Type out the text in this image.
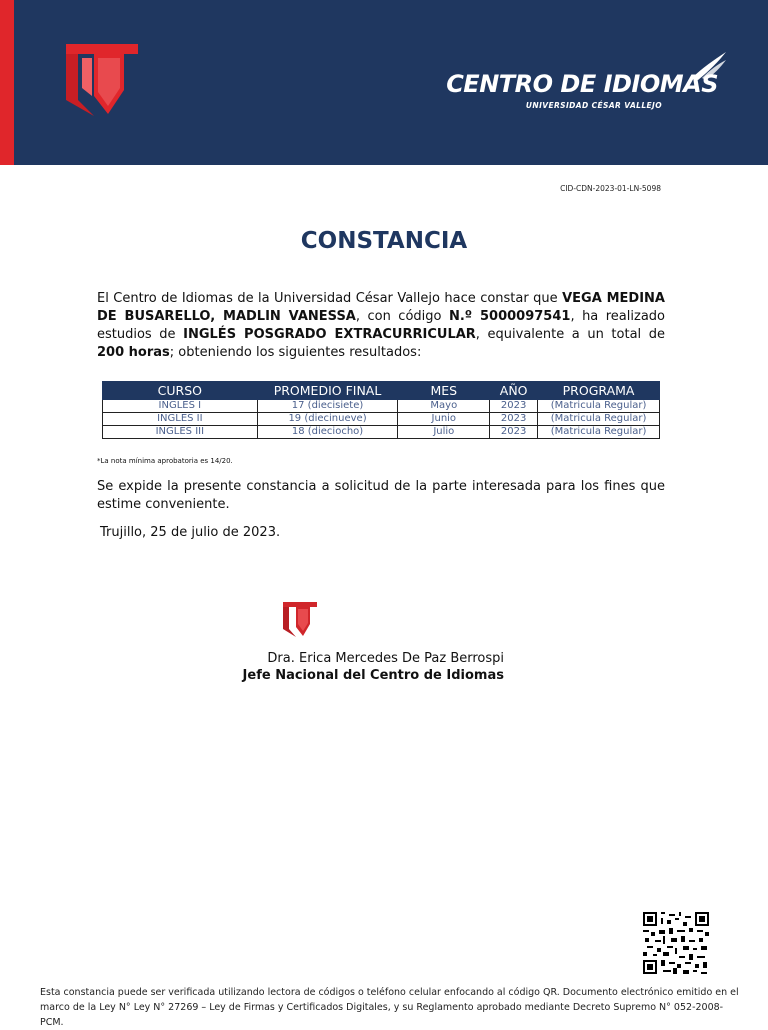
CENTRO DE IDIOMAS
UNIVERSIDAD CÉSAR VALLEJO
CID-CDN-2023-01-LN-5098
CONSTANCIA
El Centro de Idiomas de la Universidad César Vallejo hace constar que VEGA MEDINA DE BUSARELLO, MADLIN VANESSA, con código N.º 5000097541, ha realizado estudios de INGLÉS POSGRADO EXTRACURRICULAR, equivalente a un total de 200 horas; obteniendo los siguientes resultados:
CURSO	PROMEDIO FINAL	MES	AÑO	PROGRAMA
INGLES I	17 (diecisiete)	Mayo	2023	(Matricula Regular)
INGLES II	19 (diecinueve)	Junio	2023	(Matricula Regular)
INGLES III	18 (dieciocho)	Julio	2023	(Matricula Regular)
*La nota mínima aprobatoria es 14/20.
Se expide la presente constancia a solicitud de la parte interesada para los fines que estime conveniente.
Trujillo, 25 de julio de 2023.
Dra. Erica Mercedes De Paz Berrospi
Jefe Nacional del Centro de Idiomas
Esta constancia puede ser verificada utilizando lectora de códigos o teléfono celular enfocando al código QR. Documento electrónico emitido en el marco de la Ley N° Ley N° 27269 – Ley de Firmas y Certificados Digitales, y su Reglamento aprobado mediante Decreto Supremo N° 052-2008-PCM.
